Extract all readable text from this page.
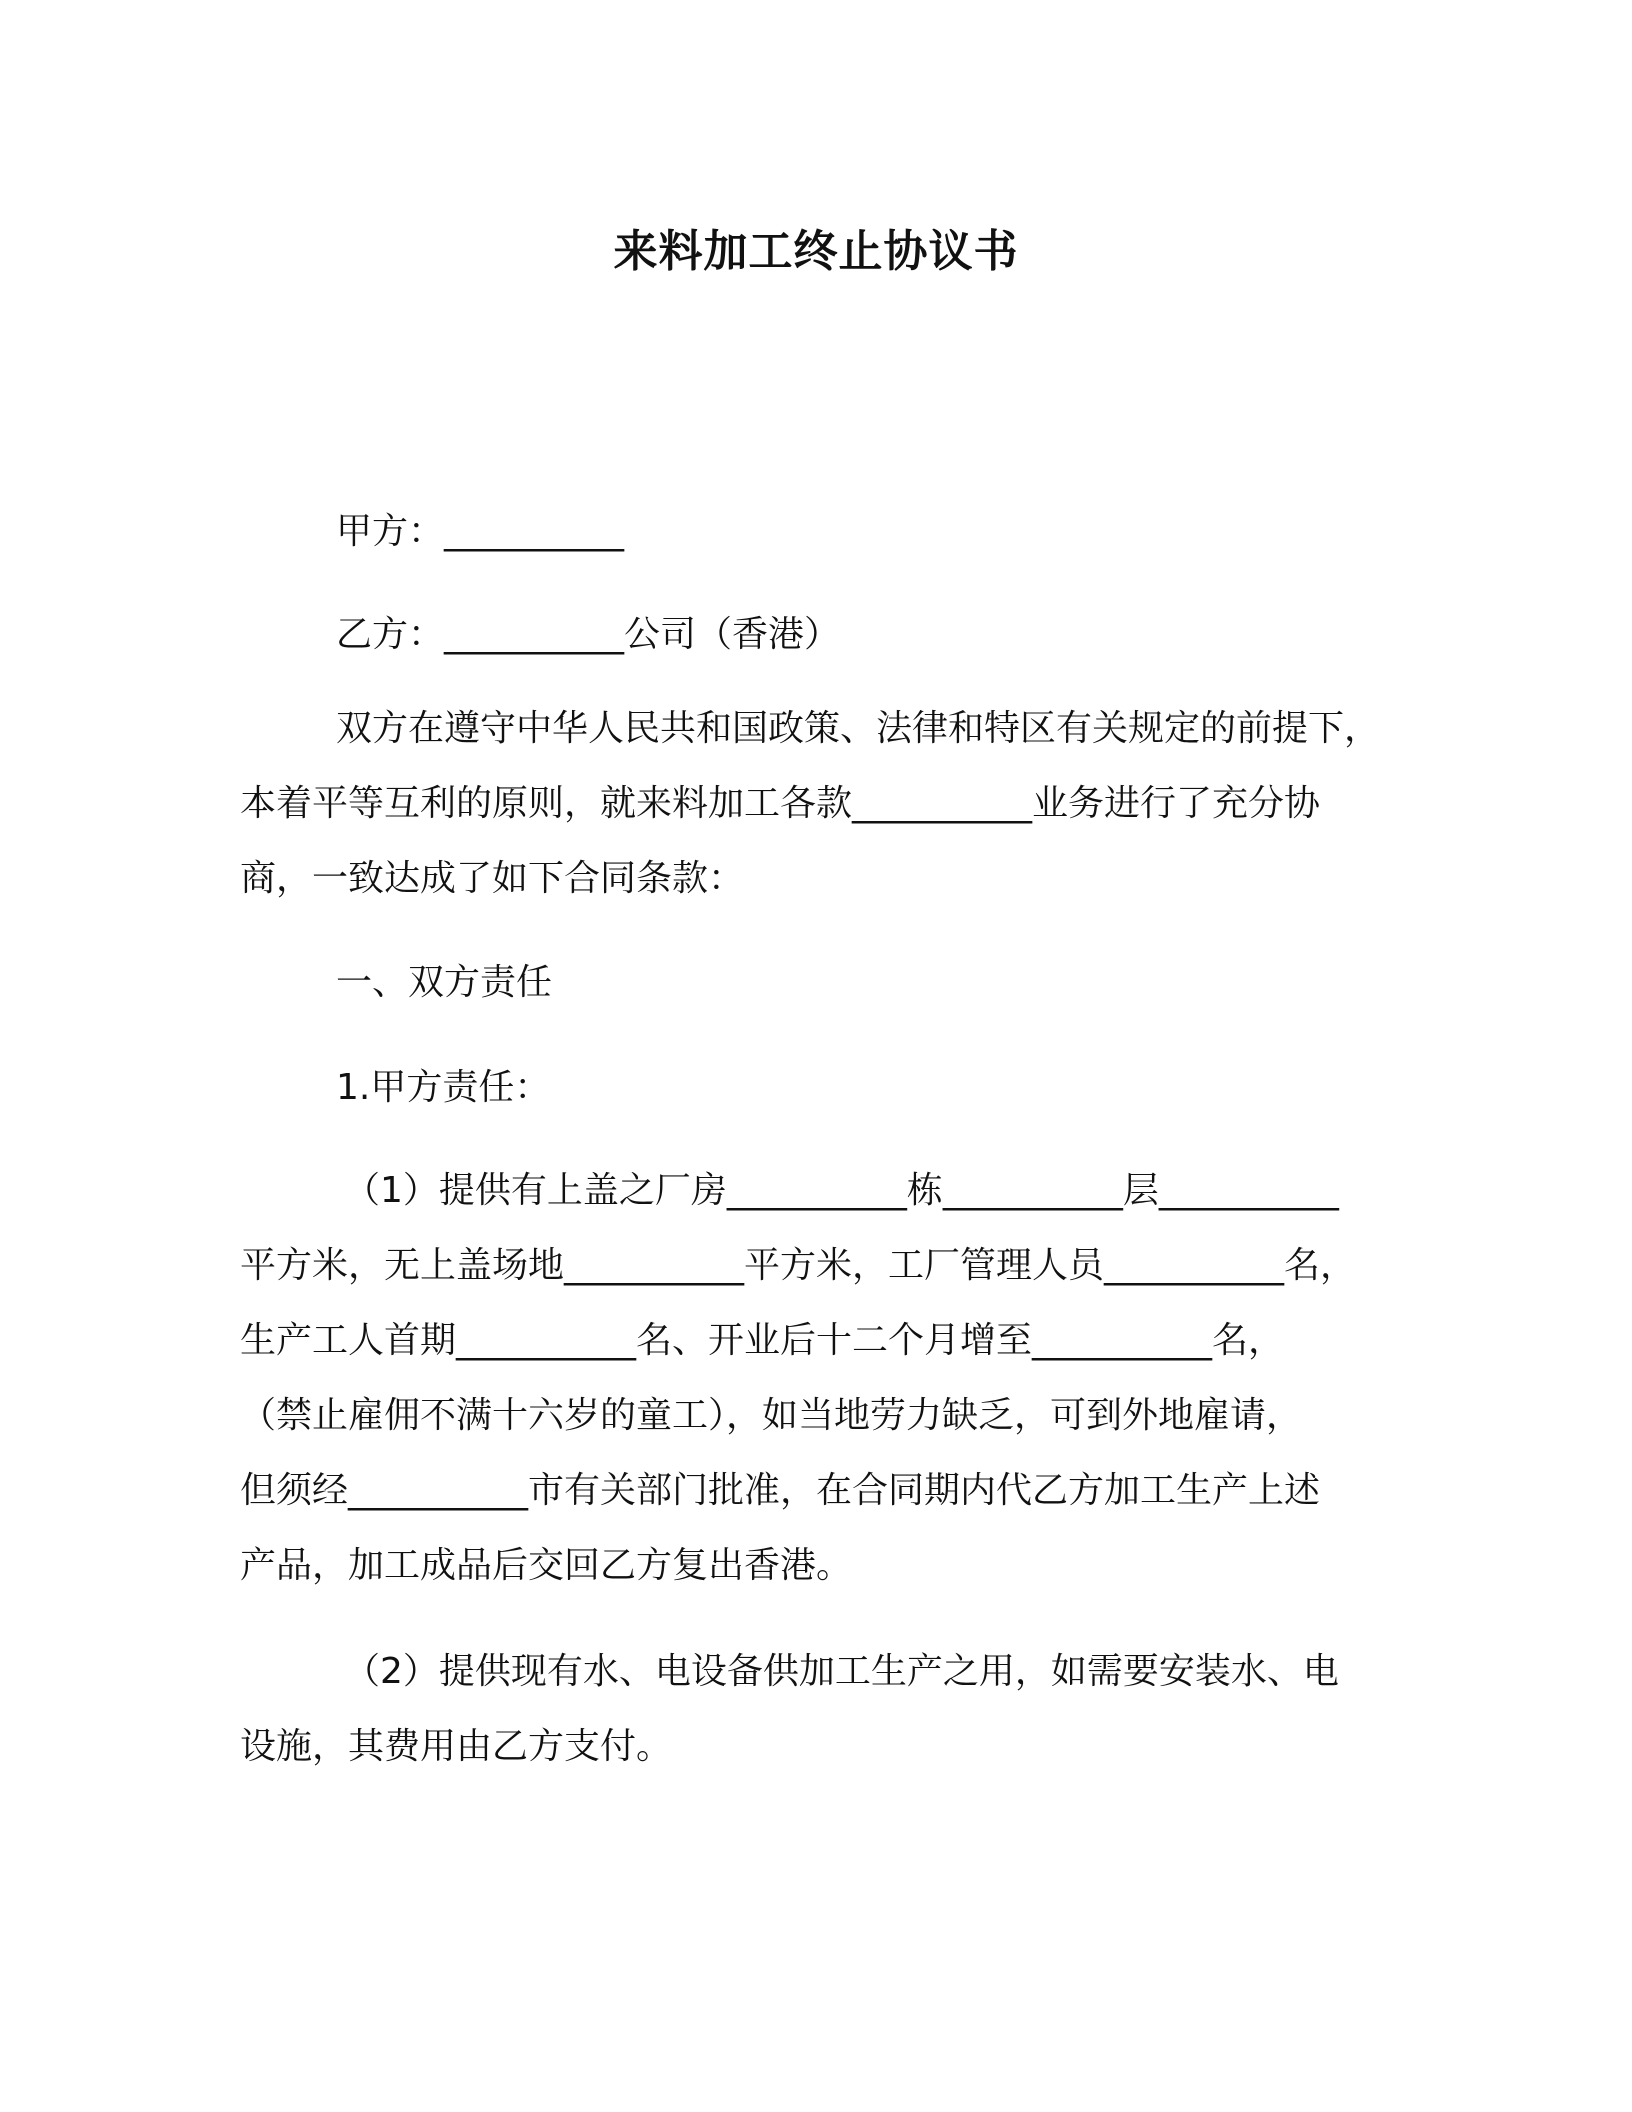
来料加工终止协议书
甲方：__________
乙方：__________公司（香港）
双方在遵守中华人民共和国政策、法律和特区有关规定的前提下，
本着平等互利的原则，就来料加工各款__________业务进行了充分协
商，一致达成了如下合同条款：
一、双方责任
1.甲方责任：
（1）提供有上盖之厂房__________栋__________层__________
平方米，无上盖场地__________平方米，工厂管理人员__________名，
生产工人首期__________名、开业后十二个月增至__________名，
（禁止雇佣不满十六岁的童工），如当地劳力缺乏，可到外地雇请，
但须经__________市有关部门批准，在合同期内代乙方加工生产上述
产品，加工成品后交回乙方复出香港。
（2）提供现有水、电设备供加工生产之用，如需要安装水、电
设施，其费用由乙方支付。
